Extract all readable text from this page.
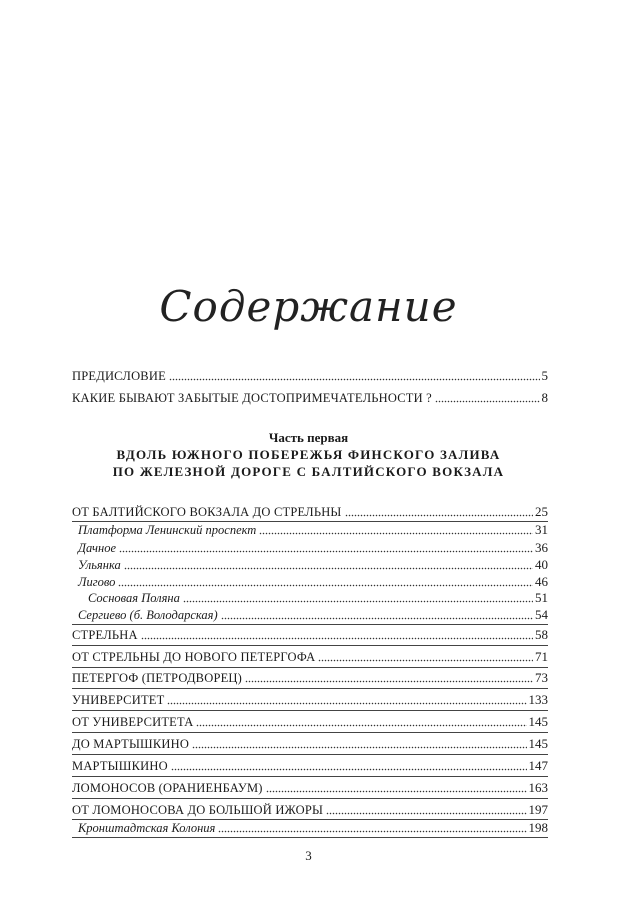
Содержание
ПРЕДИСЛОВИЕ	5
КАКИЕ БЫВАЮТ ЗАБЫТЫЕ ДОСТОПРИМЕЧАТЕЛЬНОСТИ ?	8
Часть первая
ВДОЛЬ ЮЖНОГО ПОБЕРЕЖЬЯ ФИНСКОГО ЗАЛИВА
ПО ЖЕЛЕЗНОЙ ДОРОГЕ С БАЛТИЙСКОГО ВОКЗАЛА
ОТ БАЛТИЙСКОГО ВОКЗАЛА ДО СТРЕЛЬНЫ	25
Платформа Ленинский проспект	31
Дачное	36
Ульянка	40
Лигово	46
Сосновая Поляна	51
Сергиево (б. Володарская)	54
СТРЕЛЬНА	58
ОТ СТРЕЛЬНЫ ДО НОВОГО ПЕТЕРГОФА	71
ПЕТЕРГОФ (ПЕТРОДВОРЕЦ)	73
УНИВЕРСИТЕТ	133
ОТ УНИВЕРСИТЕТА	145
ДО МАРТЫШКИНО	145
МАРТЫШКИНО	147
ЛОМОНОСОВ (ОРАНИЕНБАУМ)	163
ОТ ЛОМОНОСОВА ДО БОЛЬШОЙ ИЖОРЫ	197
Кронштадтская Колония	198
3
